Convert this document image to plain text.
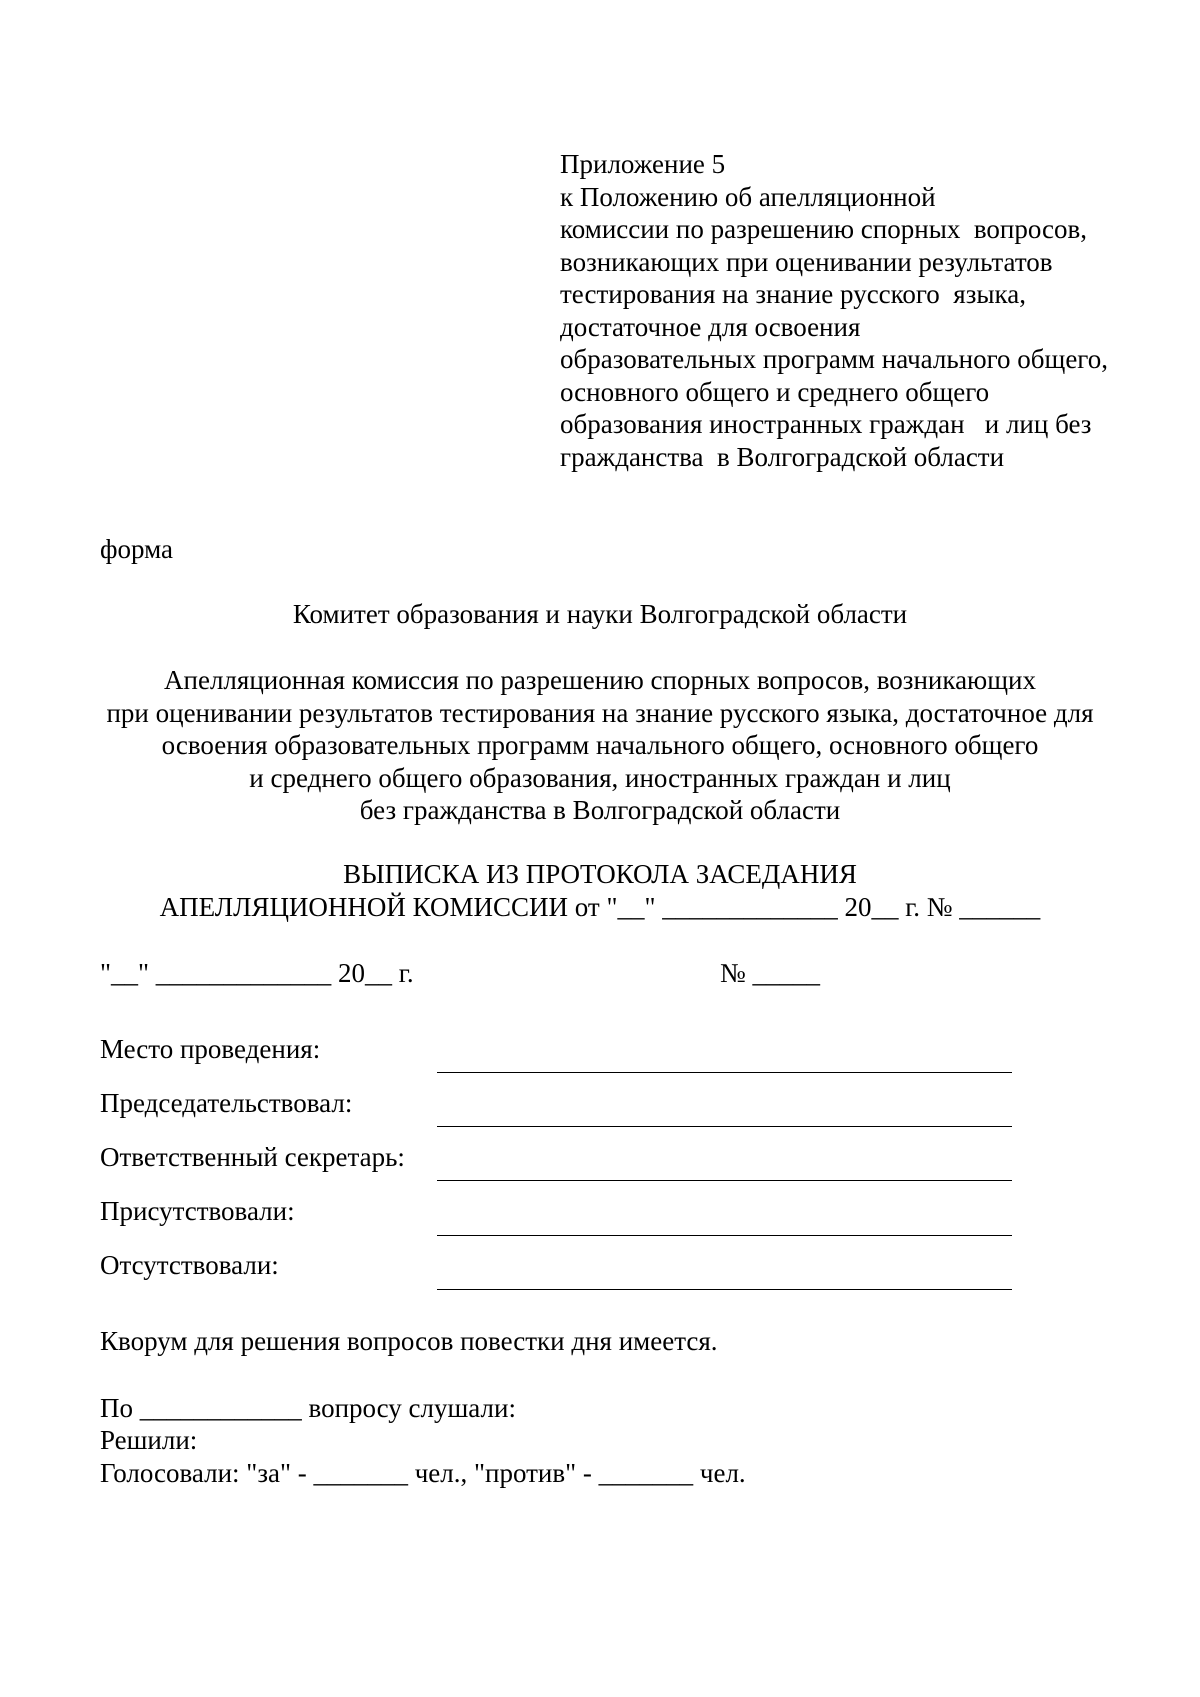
Приложение 5
к Положению об апелляционной
комиссии по разрешению спорных  вопросов,
возникающих при оценивании результатов
тестирования на знание русского  языка,
достаточное для освоения
образовательных программ начального общего,
основного общего и среднего общего
образования иностранных граждан   и лиц без
гражданства  в Волгоградской области
форма
Комитет образования и науки Волгоградской области
Апелляционная комиссия по разрешению спорных вопросов, возникающих
при оценивании результатов тестирования на знание русского языка, достаточное для
освоения образовательных программ начального общего, основного общего
и среднего общего образования, иностранных граждан и лиц
без гражданства в Волгоградской области
ВЫПИСКА ИЗ ПРОТОКОЛА ЗАСЕДАНИЯ
АПЕЛЛЯЦИОННОЙ КОМИССИИ от "__" _____________ 20__ г. № ______
"__" _____________ 20__ г.	№ _____
Место проведения:
Председательствовал:
Ответственный секретарь:
Присутствовали:
Отсутствовали:
Кворум для решения вопросов повестки дня имеется.
По ____________ вопросу слушали:
Решили:
Голосовали: "за" - _______ чел., "против" - _______ чел.
